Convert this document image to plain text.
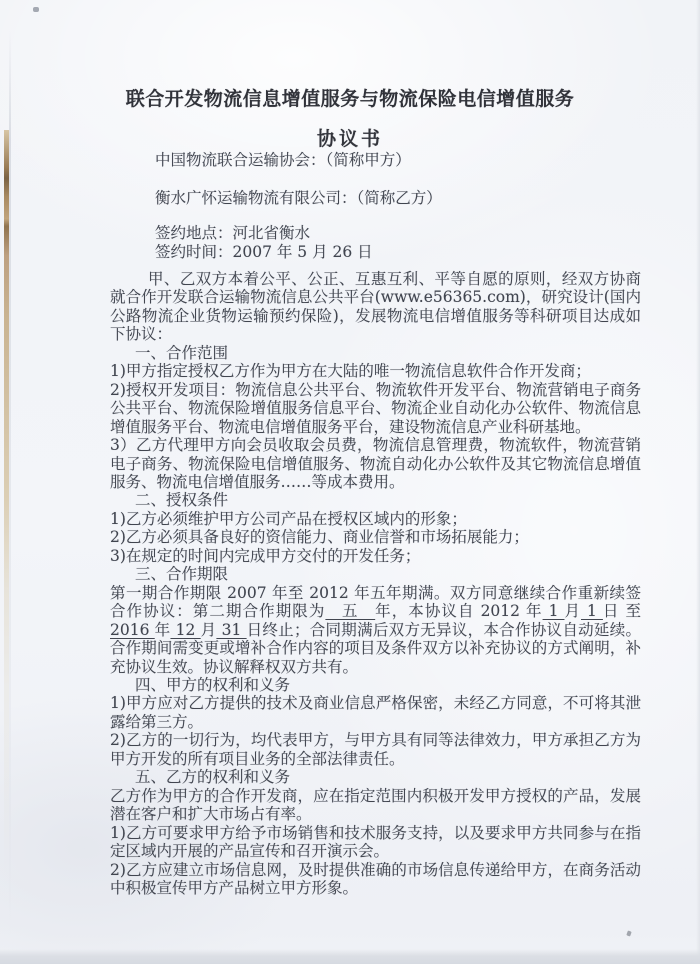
联合开发物流信息增值服务与物流保险电信增值服务
协议书
中国物流联合运输协会：（简称甲方）
衡水广怀运输物流有限公司：（简称乙方）
签约地点：河北省衡水
签约时间：2007 年 5 月 26 日

甲、乙双方本着公平、公正、互惠互利、平等自愿的原则，经双方协商就合作开发联合运输物流信息公共平台(www.e56365.com)，研究设计(国内公路物流企业货物运输预约保险)，发展物流电信增值服务等科研项目达成如下协议：

一、合作范围

1)甲方指定授权乙方作为甲方在大陆的唯一物流信息软件合作开发商；

2)授权开发项目：物流信息公共平台、物流软件开发平台、物流营销电子商务公共平台、物流保险增值服务信息平台、物流企业自动化办公软件、物流信息增值服务平台、物流电信增值服务平台，建设物流信息产业科研基地。

3）乙方代理甲方向会员收取会员费，物流信息管理费，物流软件，物流营销电子商务、物流保险电信增值服务、物流自动化办公软件及其它物流信息增值服务、物流电信增值服务……等成本费用。

二、授权条件

1)乙方必须维护甲方公司产品在授权区域内的形象；

2)乙方必须具备良好的资信能力、商业信誉和市场拓展能力；

3)在规定的时间内完成甲方交付的开发任务；

三、合作期限

第一期合作期限 2007 年至 2012 年五年期满。双方同意继续合作重新续签合作协议：第二期合作期限为　五　年，本协议自 2012 年 1 月 1 日 至 2016 年 12 月 31 日终止；合同期满后双方无异议，本合作协议自动延续。合作期间需变更或增补合作内容的项目及条件双方以补充协议的方式阐明，补充协议生效。协议解释权双方共有。

四、甲方的权利和义务

1)甲方应对乙方提供的技术及商业信息严格保密，未经乙方同意，不可将其泄露给第三方。

2)乙方的一切行为，均代表甲方，与甲方具有同等法律效力，甲方承担乙方为甲方开发的所有项目业务的全部法律责任。

五、乙方的权利和义务

乙方作为甲方的合作开发商，应在指定范围内积极开发甲方授权的产品，发展潜在客户和扩大市场占有率。

1)乙方可要求甲方给予市场销售和技术服务支持，以及要求甲方共同参与在指定区域内开展的产品宣传和召开演示会。

2)乙方应建立市场信息网，及时提供准确的市场信息传递给甲方，在商务活动中积极宣传甲方产品树立甲方形象。
